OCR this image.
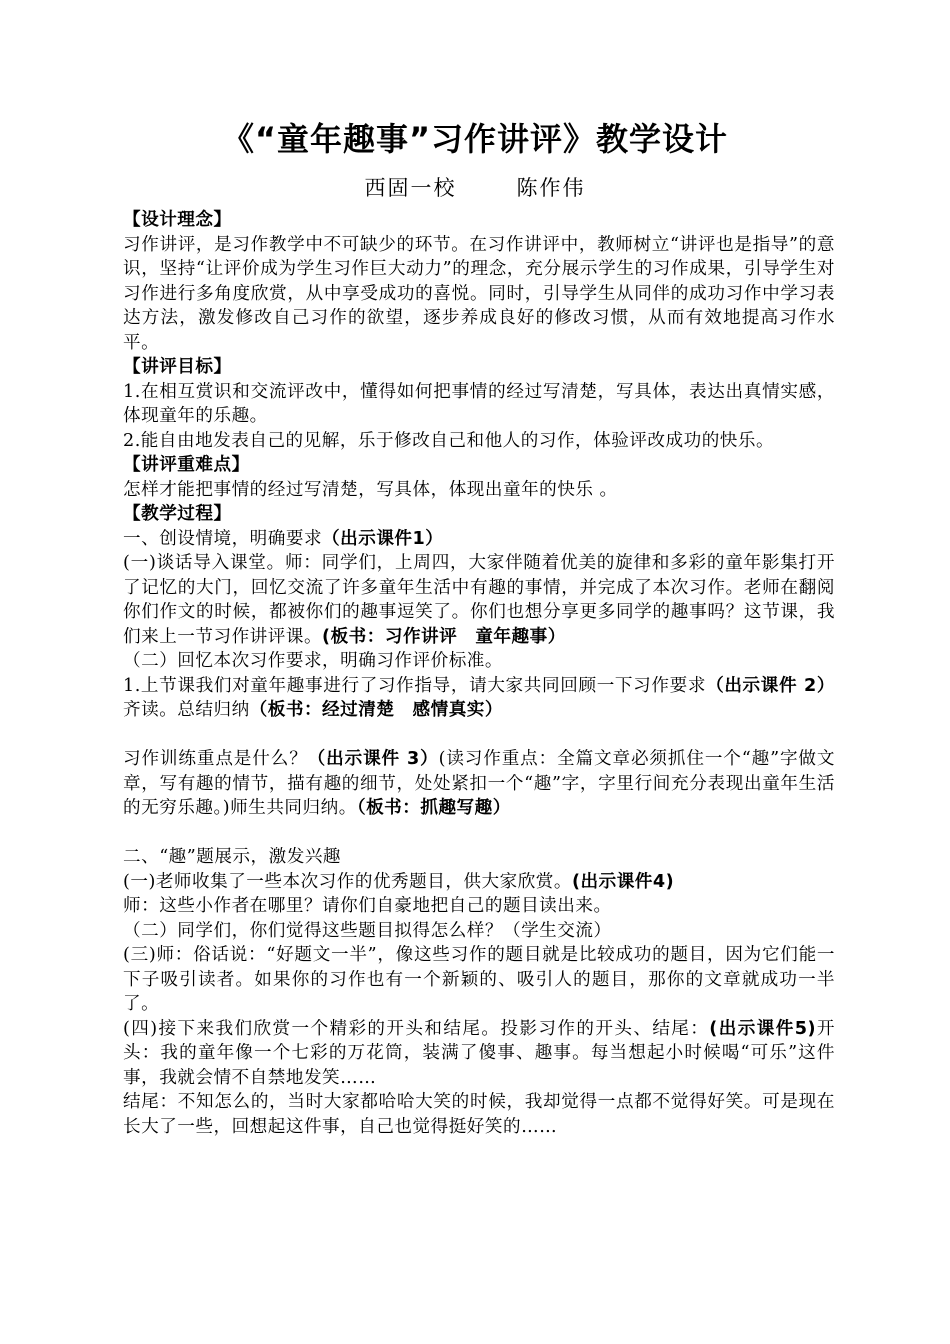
《“童年趣事”习作讲评》教学设计
西固一校	陈作伟

【设计理念】

习作讲评，是习作教学中不可缺少的环节。在习作讲评中，教师树立“讲评也是指导”的意识，坚持“让评价成为学生习作巨大动力”的理念，充分展示学生的习作成果，引导学生对习作进行多角度欣赏，从中享受成功的喜悦。同时，引导学生从同伴的成功习作中学习表达方法，激发修改自己习作的欲望，逐步养成良好的修改习惯，从而有效地提高习作水平。

【讲评目标】

1.在相互赏识和交流评改中，懂得如何把事情的经过写清楚，写具体，表达出真情实感，体现童年的乐趣。

2.能自由地发表自己的见解，乐于修改自己和他人的习作，体验评改成功的快乐。

【讲评重难点】

怎样才能把事情的经过写清楚，写具体，体现出童年的快乐 。

【教学过程】

一、创设情境，明确要求（出示课件1）

(一)谈话导入课堂。师：同学们，上周四，大家伴随着优美的旋律和多彩的童年影集打开了记忆的大门，回忆交流了许多童年生活中有趣的事情，并完成了本次习作。老师在翻阅你们作文的时候，都被你们的趣事逗笑了。你们也想分享更多同学的趣事吗？这节课，我们来上一节习作讲评课。(板书：习作讲评　童年趣事）

（二）回忆本次习作要求，明确习作评价标准。

1.上节课我们对童年趣事进行了习作指导，请大家共同回顾一下习作要求（出示课件 2）齐读。总结归纳（板书：经过清楚　感情真实）

习作训练重点是什么？（出示课件 3）(读习作重点：全篇文章必须抓住一个“趣”字做文章，写有趣的情节，描有趣的细节，处处紧扣一个“趣”字，字里行间充分表现出童年生活的无穷乐趣。)师生共同归纳。（板书：抓趣写趣）

二、“趣”题展示，激发兴趣

(一)老师收集了一些本次习作的优秀题目，供大家欣赏。(出示课件4)

师：这些小作者在哪里？请你们自豪地把自己的题目读出来。

（二）同学们，你们觉得这些题目拟得怎么样？（学生交流）

(三)师：俗话说：“好题文一半”，像这些习作的题目就是比较成功的题目，因为它们能一下子吸引读者。如果你的习作也有一个新颖的、吸引人的题目，那你的文章就成功一半了。

(四)接下来我们欣赏一个精彩的开头和结尾。投影习作的开头、结尾：(出示课件5)开头：我的童年像一个七彩的万花筒，装满了傻事、趣事。每当想起小时候喝“可乐”这件事，我就会情不自禁地发笑……

结尾：不知怎么的，当时大家都哈哈大笑的时候，我却觉得一点都不觉得好笑。可是现在长大了一些，回想起这件事，自己也觉得挺好笑的……
